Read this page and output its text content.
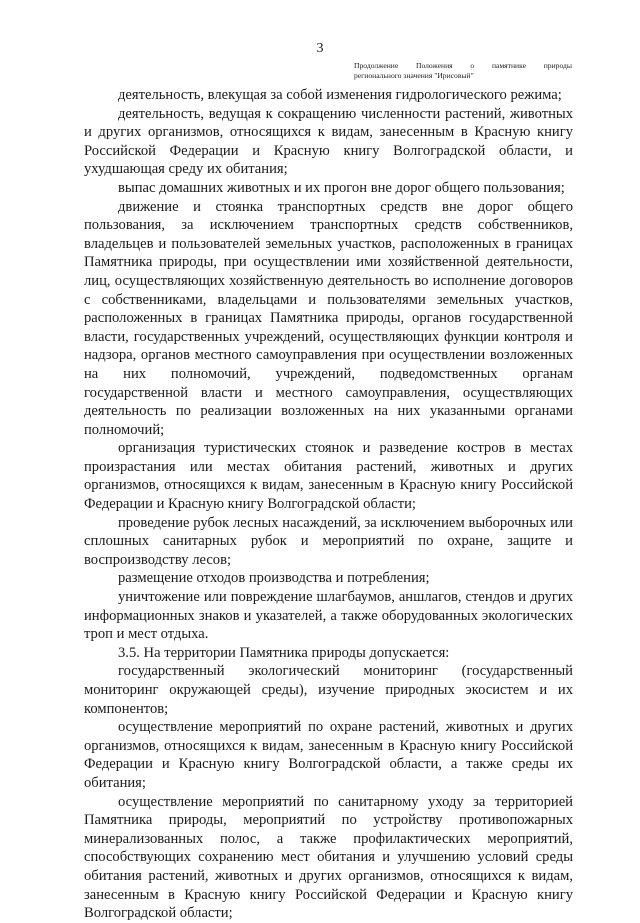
3
Продолжение Положения о памятнике природы
регионального значения "Ирисовый"

деятельность, влекущая за собой изменения гидрологического режима;

деятельность, ведущая к сокращению численности растений, животных и других организмов, относящихся к видам, занесенным в Красную книгу Российской Федерации и Красную книгу Волгоградской области, и ухудшающая среду их обитания;

выпас домашних животных и их прогон вне дорог общего пользования;

движение и стоянка транспортных средств вне дорог общего пользования, за исключением транспортных средств собственников, владельцев и пользователей земельных участков, расположенных в границах Памятника природы, при осуществлении ими хозяйственной деятельности, лиц, осуществляющих хозяйственную деятельность во исполнение договоров с собственниками, владельцами и пользователями земельных участков, расположенных в границах Памятника природы, органов государственной власти, государственных учреждений, осуществляющих функции контроля и надзора, органов местного самоуправления при осуществлении возложенных на них полномочий, учреждений, подведомственных органам государственной власти и местного самоуправления, осуществляющих деятельность по реализации возложенных на них указанными органами полномочий;

организация туристических стоянок и разведение костров в местах произрастания или местах обитания растений, животных и других организмов, относящихся к видам, занесенным в Красную книгу Российской Федерации и Красную книгу Волгоградской области;

проведение рубок лесных насаждений, за исключением выборочных или сплошных санитарных рубок и мероприятий по охране, защите и воспроизводству лесов;

размещение отходов производства и потребления;

уничтожение или повреждение шлагбаумов, аншлагов, стендов и других информационных знаков и указателей, а также оборудованных экологических троп и мест отдыха.

3.5. На территории Памятника природы допускается:

государственный экологический мониторинг (государственный мониторинг окружающей среды), изучение природных экосистем и их компонентов;

осуществление мероприятий по охране растений, животных и других организмов, относящихся к видам, занесенным в Красную книгу Российской Федерации и Красную книгу Волгоградской области, а также среды их обитания;

осуществление мероприятий по санитарному уходу за территорией Памятника природы, мероприятий по устройству противопожарных минерализованных полос, а также профилактических мероприятий, способствующих сохранению мест обитания и улучшению условий среды обитания растений, животных и других организмов, относящихся к видам, занесенным в Красную книгу Российской Федерации и Красную книгу Волгоградской области;
